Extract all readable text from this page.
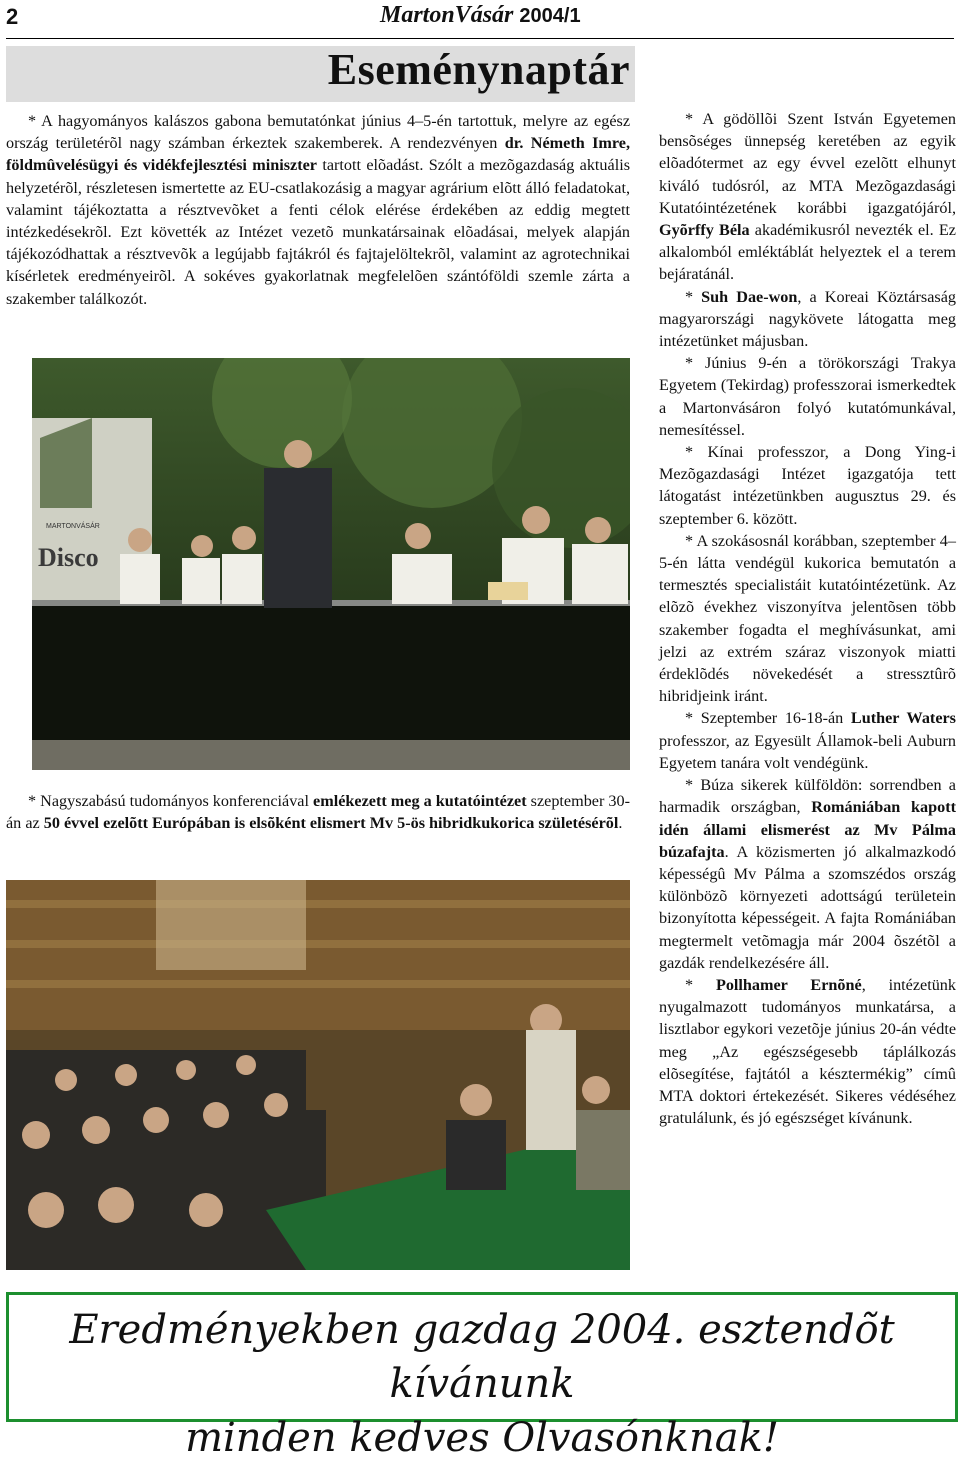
2	MartonVásár 2004/1
Eseménynaptár

* A hagyományos kalászos gabona bemutatónkat június 4–5-én tartottuk, melyre az egész ország területérõl nagy számban érkeztek szakemberek. A rendezvényen dr. Németh Imre, földmûvelésügyi és vidékfejlesztési miniszter tartott elõadást. Szólt a mezõgazdaság aktuális helyzetérõl, részletesen ismertette az EU-csatlakozásig a magyar agrárium elõtt álló feladatokat, valamint tájékoztatta a résztvevõket a fenti célok elérése érdekében az eddig megtett intézkedésekrõl. Ezt követték az Intézet vezetõ munkatársainak elõadásai, melyek alapján tájékozódhattak a résztvevõk a legújabb fajtákról és fajtajelöltekrõl, valamint az agrotechnikai kísérletek eredményeirõl. A sokéves gyakorlatnak megfelelõen szántóföldi szemle zárta a szakember találkozót.

Disco
MARTONVÁSÁR

* Nagyszabású tudományos konferenciával emlékezett meg a kutatóintézet szeptember 30-án az 50 évvel ezelõtt Európában is elsõként elismert Mv 5-ös hibridkukorica születésérõl.

* A gödöllõi Szent István Egyetemen bensõséges ünnepség keretében az egyik elõadótermet az egy évvel ezelõtt elhunyt kiváló tudósról, az MTA Mezõgazdasági Kutatóintézetének korábbi igazgatójáról, Gyõrffy Béla akadémikusról nevezték el. Ez alkalomból emléktáblát helyeztek el a terem bejáratánál.

* Suh Dae-won, a Koreai Köztársaság magyarországi nagykövete látogatta meg intézetünket májusban.

* Június 9-én a törökországi Trakya Egyetem (Tekirdag) professzorai ismerkedtek a Martonvásáron folyó kutatómunkával, nemesítéssel.

* Kínai professzor, a Dong Ying-i Mezõgazdasági Intézet igazgatója tett látogatást intézetünkben augusztus 29. és szeptember 6. között.

* A szokásosnál korábban, szeptember 4–5-én látta vendégül kukorica bemutatón a termesztés specialistáit kutatóintézetünk. Az elõzõ évekhez viszonyítva jelentõsen több szakember fogadta el meghívásunkat, ami jelzi az extrém száraz viszonyok miatti érdeklõdés növekedését a stressztûrõ hibridjeink iránt.

* Szeptember 16-18-án Luther Waters professzor, az Egyesült Államok-beli Auburn Egyetem tanára volt vendégünk.

* Búza sikerek külföldön: sorrendben a harmadik országban, Romániában kapott idén állami elismerést az Mv Pálma búzafajta. A közismerten jó alkalmazkodó képességû Mv Pálma a szomszédos ország különbözõ környezeti adottságú területein bizonyította képességeit. A fajta Romániában megtermelt vetõmagja már 2004 õszétõl a gazdák rendelkezésére áll.

* Pollhamer Ernõné, intézetünk nyugalmazott tudományos munkatársa, a lisztlabor egykori vezetõje június 20-án védte meg „Az egészségesebb táplálkozás elõsegítése, fajtától a késztermékig” címû MTA doktori értekezését. Sikeres védéséhez gratulálunk, és jó egészséget kívánunk.

Eredményekben gazdag 2004. esztendõt kívánunk
minden kedves Olvasónknak!
